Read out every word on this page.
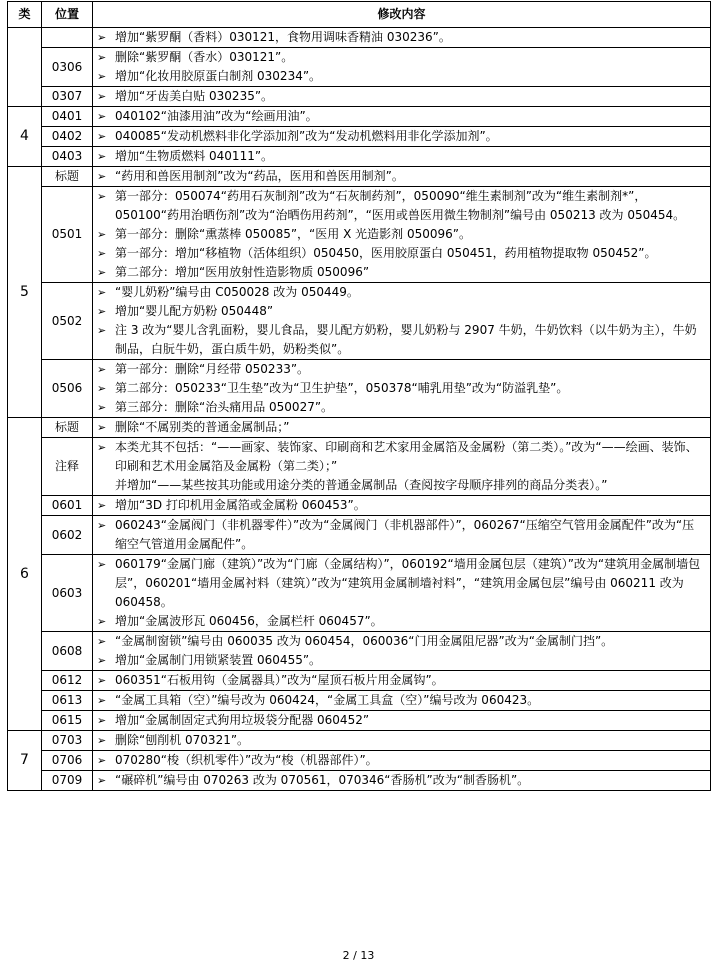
类	位置	修改内容

		➢ 增加“紫罗酮（香料）030121，食物用调味香精油 030236”。

	0306	➢ 删除“紫罗酮（香水）030121”。
➢ 增加“化妆用胶原蛋白制剂 030234”。

	0307	➢ 增加“牙齿美白贴 030235”。

4	0401	➢ 040102“油漆用油”改为“绘画用油”。

	0402	➢ 040085“发动机燃料非化学添加剂”改为“发动机燃料用非化学添加剂”。

	0403	➢ 增加“生物质燃料 040111”。

5	标题	➢ “药用和兽医用制剂”改为“药品，医用和兽医用制剂”。

	0501	➢ 第一部分：050074“药用石灰制剂”改为“石灰制药剂”，050090“维生素制剂”改为“维生素制剂*”，050100“药用治晒伤剂”改为“治晒伤用药剂”，“医用或兽医用微生物制剂”编号由 050213 改为 050454。
➢ 第一部分：删除“熏蒸棒 050085”，“医用 X 光造影剂 050096”。
➢ 第一部分：增加“移植物（活体组织）050450，医用胶原蛋白 050451，药用植物提取物 050452”。
➢ 第二部分：增加“医用放射性造影物质 050096”

	0502	➢ “婴儿奶粉”编号由 C050028 改为 050449。
➢ 增加“婴儿配方奶粉 050448”
➢ 注 3 改为“婴儿含乳面粉，婴儿食品，婴儿配方奶粉，婴儿奶粉与 2907 牛奶，牛奶饮料（以牛奶为主），牛奶制品，白朊牛奶，蛋白质牛奶，奶粉类似”。

	0506	➢ 第一部分：删除“月经带 050233”。
➢ 第二部分：050233“卫生垫”改为“卫生护垫”，050378“哺乳用垫”改为“防溢乳垫”。
➢ 第三部分：删除“治头痛用品 050027”。

6	标题	➢ 删除“不属别类的普通金属制品；”

	注释	➢ 本类尤其不包括：“——画家、装饰家、印刷商和艺术家用金属箔及金属粉（第二类）。”改为“——绘画、装饰、印刷和艺术用金属箔及金属粉（第二类）；”
并增加“——某些按其功能或用途分类的普通金属制品（查阅按字母顺序排列的商品分类表）。”

	0601	➢ 增加“3D 打印机用金属箔或金属粉 060453”。

	0602	➢ 060243“金属阀门（非机器零件）”改为“金属阀门（非机器部件）”，060267“压缩空气管用金属配件”改为“压缩空气管道用金属配件”。

	0603	➢ 060179“金属门廊（建筑）”改为“门廊（金属结构）”，060192“墙用金属包层（建筑）”改为“建筑用金属制墙包层”，060201“墙用金属衬料（建筑）”改为“建筑用金属制墙衬料”，“建筑用金属包层”编号由 060211 改为 060458。
➢ 增加“金属波形瓦 060456，金属栏杆 060457”。

	0608	➢ “金属制窗锁”编号由 060035 改为 060454，060036“门用金属阻尼器”改为“金属制门挡”。
➢ 增加“金属制门用锁紧装置 060455”。

	0612	➢ 060351“石板用钩（金属器具）”改为“屋顶石板片用金属钩”。

	0613	➢ “金属工具箱（空）”编号改为 060424，“金属工具盒（空）”编号改为 060423。

	0615	➢ 增加“金属制固定式狗用垃圾袋分配器 060452”

7	0703	➢ 删除“刨削机 070321”。

	0706	➢ 070280“梭（织机零件）”改为“梭（机器部件）”。

	0709	➢ “碾碎机”编号由 070263 改为 070561，070346“香肠机”改为“制香肠机”。
2 / 13
